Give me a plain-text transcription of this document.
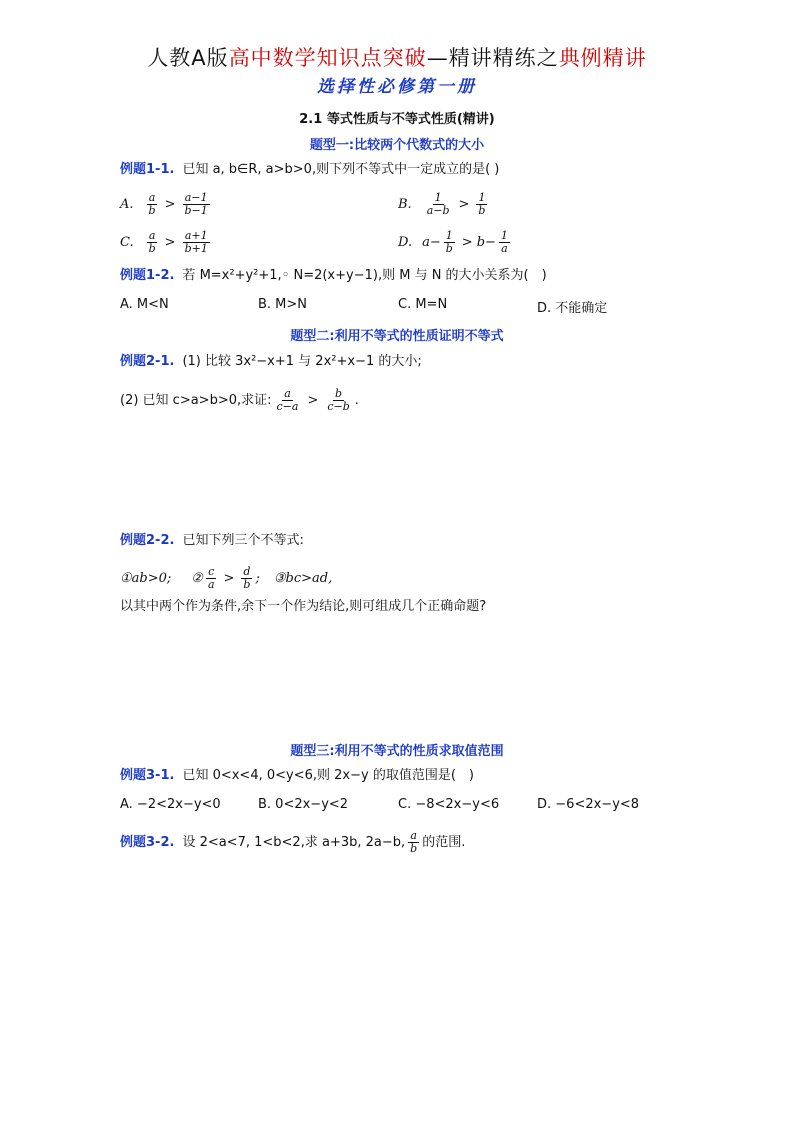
人教A版高中数学知识点突破—精讲精练之典例精讲
选择性必修第一册
2.1 等式性质与不等式性质(精讲)
题型一:比较两个代数式的大小
例题1-1. 已知 a, b∈R, a>b>0,则下列不等式中一定成立的是( )
A. $\frac{a}{b} > \frac{a-1}{b-1}$	B. $\frac{1}{a-b} > \frac{1}{b}$
C. $\frac{a}{b} > \frac{a+1}{b+1}$	D. $a- \frac{1}{b} > b- \frac{1}{a}$
例题1-2. 若 M=x²+y²+1,◦ N=2(x+y−1),则 M 与 N 的大小关系为(　)
A. M<N	B. M>N	C. M=N	D. 不能确定
题型二:利用不等式的性质证明不等式
例题2-1. (1) 比较 3x²−x+1 与 2x²+x−1 的大小;
(2) 已知 c>a>b>0,求证: $\frac{a}{c-a} > \frac{b}{c-b}$ .
例题2-2. 已知下列三个不等式:
①ab>0; ② $\frac{c}{a} > \frac{d}{b}$ ; ③bc>ad,
以其中两个作为条件,余下一个作为结论,则可组成几个正确命题?
题型三:利用不等式的性质求取值范围
例题3-1. 已知 0<x<4, 0<y<6,则 2x−y 的取值范围是(　)
A. −2<2x−y<0	B. 0<2x−y<2	C. −8<2x−y<6	D. −6<2x−y<8
例题3-2. 设 2<a<7, 1<b<2,求 a+3b, 2a−b, $\frac{a}{b}$ 的范围.
